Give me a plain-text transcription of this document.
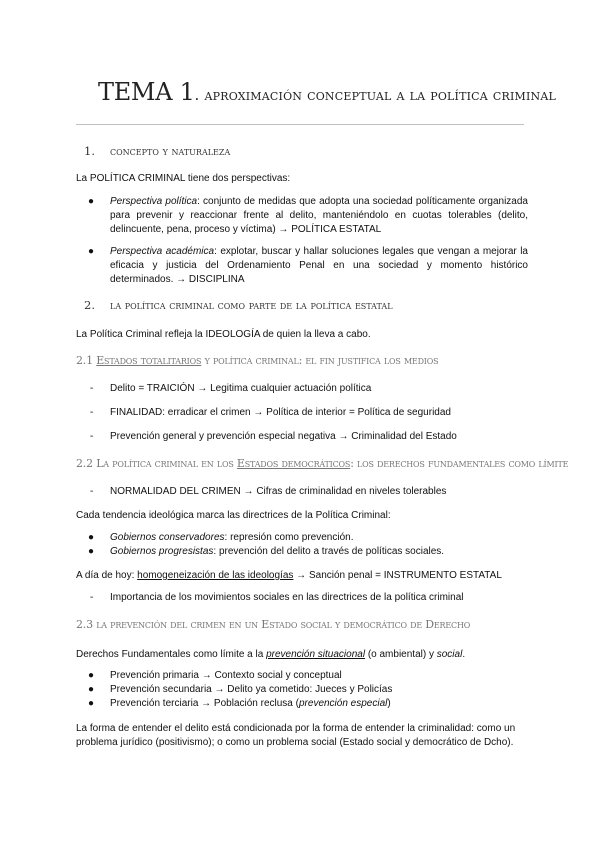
TEMA 1. aproximación conceptual a la política criminal
1. concepto y naturaleza
La POLÍTICA CRIMINAL tiene dos perspectivas:
● Perspectiva política: conjunto de medidas que adopta una sociedad políticamente organizada para prevenir y reaccionar frente al delito, manteniéndolo en cuotas tolerables (delito, delincuente, pena, proceso y víctima) → POLÍTICA ESTATAL
● Perspectiva académica: explotar, buscar y hallar soluciones legales que vengan a mejorar la eficacia y justicia del Ordenamiento Penal en una sociedad y momento histórico determinados. → DISCIPLINA
2. la política criminal como parte de la política estatal
La Política Criminal refleja la IDEOLOGÍA de quien la lleva a cabo.
2.1 Estados totalitarios y política criminal: el fin justifica los medios
- Delito = TRAICIÓN → Legitima cualquier actuación política
- FINALIDAD: erradicar el crimen → Política de interior = Política de seguridad
- Prevención general y prevención especial negativa → Criminalidad del Estado
2.2 La política criminal en los Estados democráticos: los derechos fundamentales como límite
- NORMALIDAD DEL CRIMEN → Cifras de criminalidad en niveles tolerables
Cada tendencia ideológica marca las directrices de la Política Criminal:
● Gobiernos conservadores: represión como prevención.
● Gobiernos progresistas: prevención del delito a través de políticas sociales.
A día de hoy: homogeneización de las ideologías → Sanción penal = INSTRUMENTO ESTATAL
- Importancia de los movimientos sociales en las directrices de la política criminal
2.3 la prevención del crimen en un Estado social y democrático de Derecho
Derechos Fundamentales como límite a la prevención situacional (o ambiental) y social.
● Prevención primaria → Contexto social y conceptual
● Prevención secundaria → Delito ya cometido: Jueces y Policías
● Prevención terciaria → Población reclusa (prevención especial)
La forma de entender el delito está condicionada por la forma de entender la criminalidad: como un problema jurídico (positivismo); o como un problema social (Estado social y democrático de Dcho).
